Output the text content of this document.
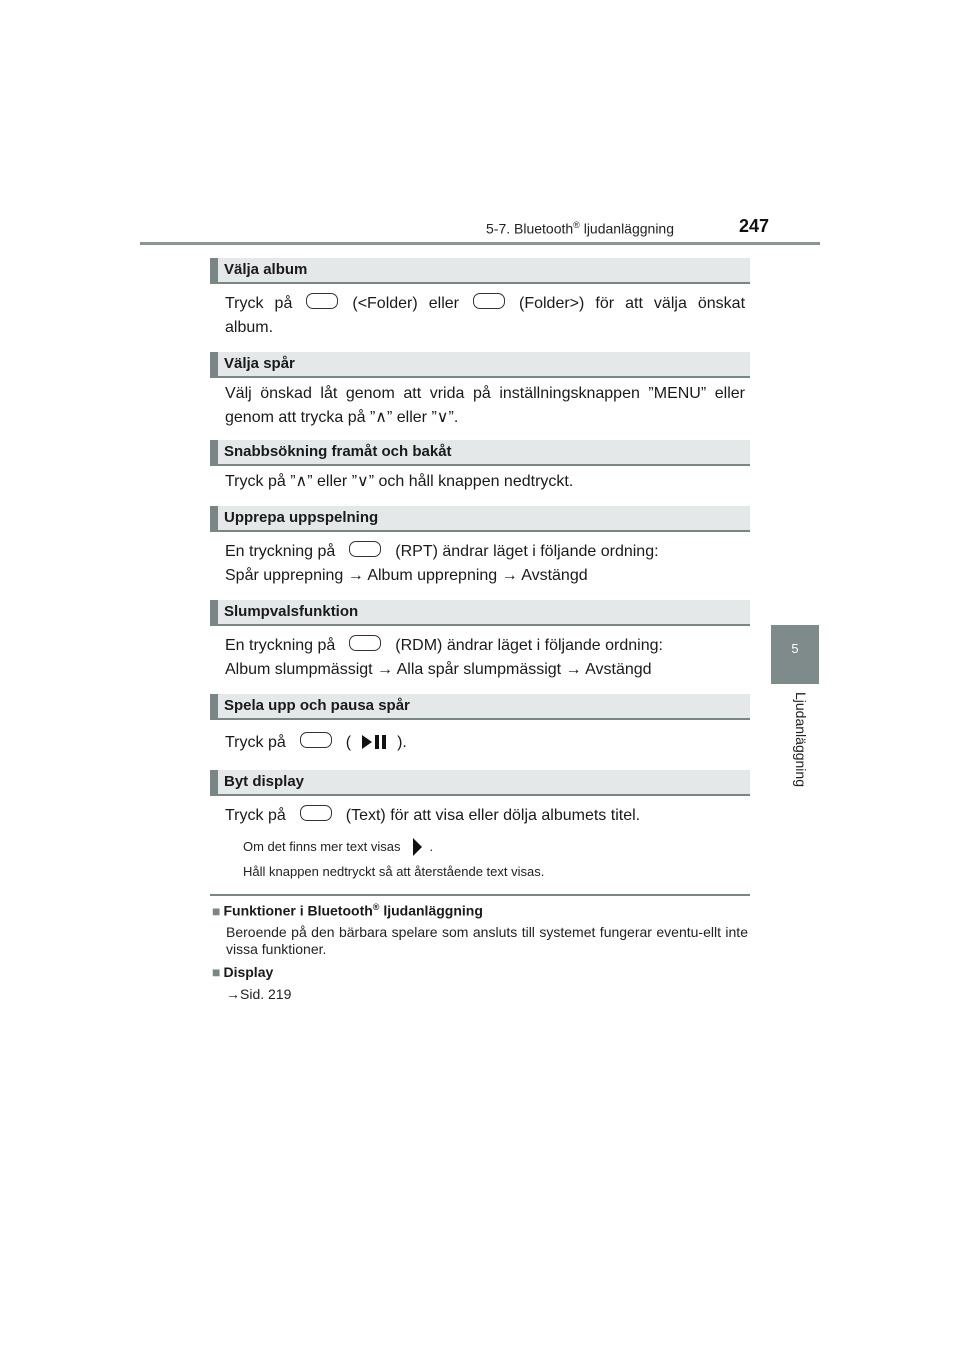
5-7. Bluetooth® ljudanläggning	247
5
Ljudanläggning
Välja album
Tryck på	(<Folder) eller	(Folder>) för att välja önskat album.
Välja spår
Välj önskad låt genom att vrida på inställningsknappen ”MENU” eller genom att trycka på ”∧” eller ”∨”.
Snabbsökning framåt och bakåt
Tryck på ”∧” eller ”∨” och håll knappen nedtryckt.
Upprepa uppspelning
En tryckning på	(RPT) ändrar läget i följande ordning:
Spår upprepning → Album upprepning → Avstängd
Slumpvalsfunktion
En tryckning på	(RDM) ändrar läget i följande ordning:
Album slumpmässigt → Alla spår slumpmässigt → Avstängd
Spela upp och pausa spår
Tryck på	(	).
Byt display
Tryck på	(Text) för att visa eller dölja albumets titel.
Om det finns mer text visas .
Håll knappen nedtryckt så att återstående text visas.
■ Funktioner i Bluetooth® ljudanläggning
Beroende på den bärbara spelare som ansluts till systemet fungerar eventu-ellt inte vissa funktioner.
■ Display
→Sid. 219
